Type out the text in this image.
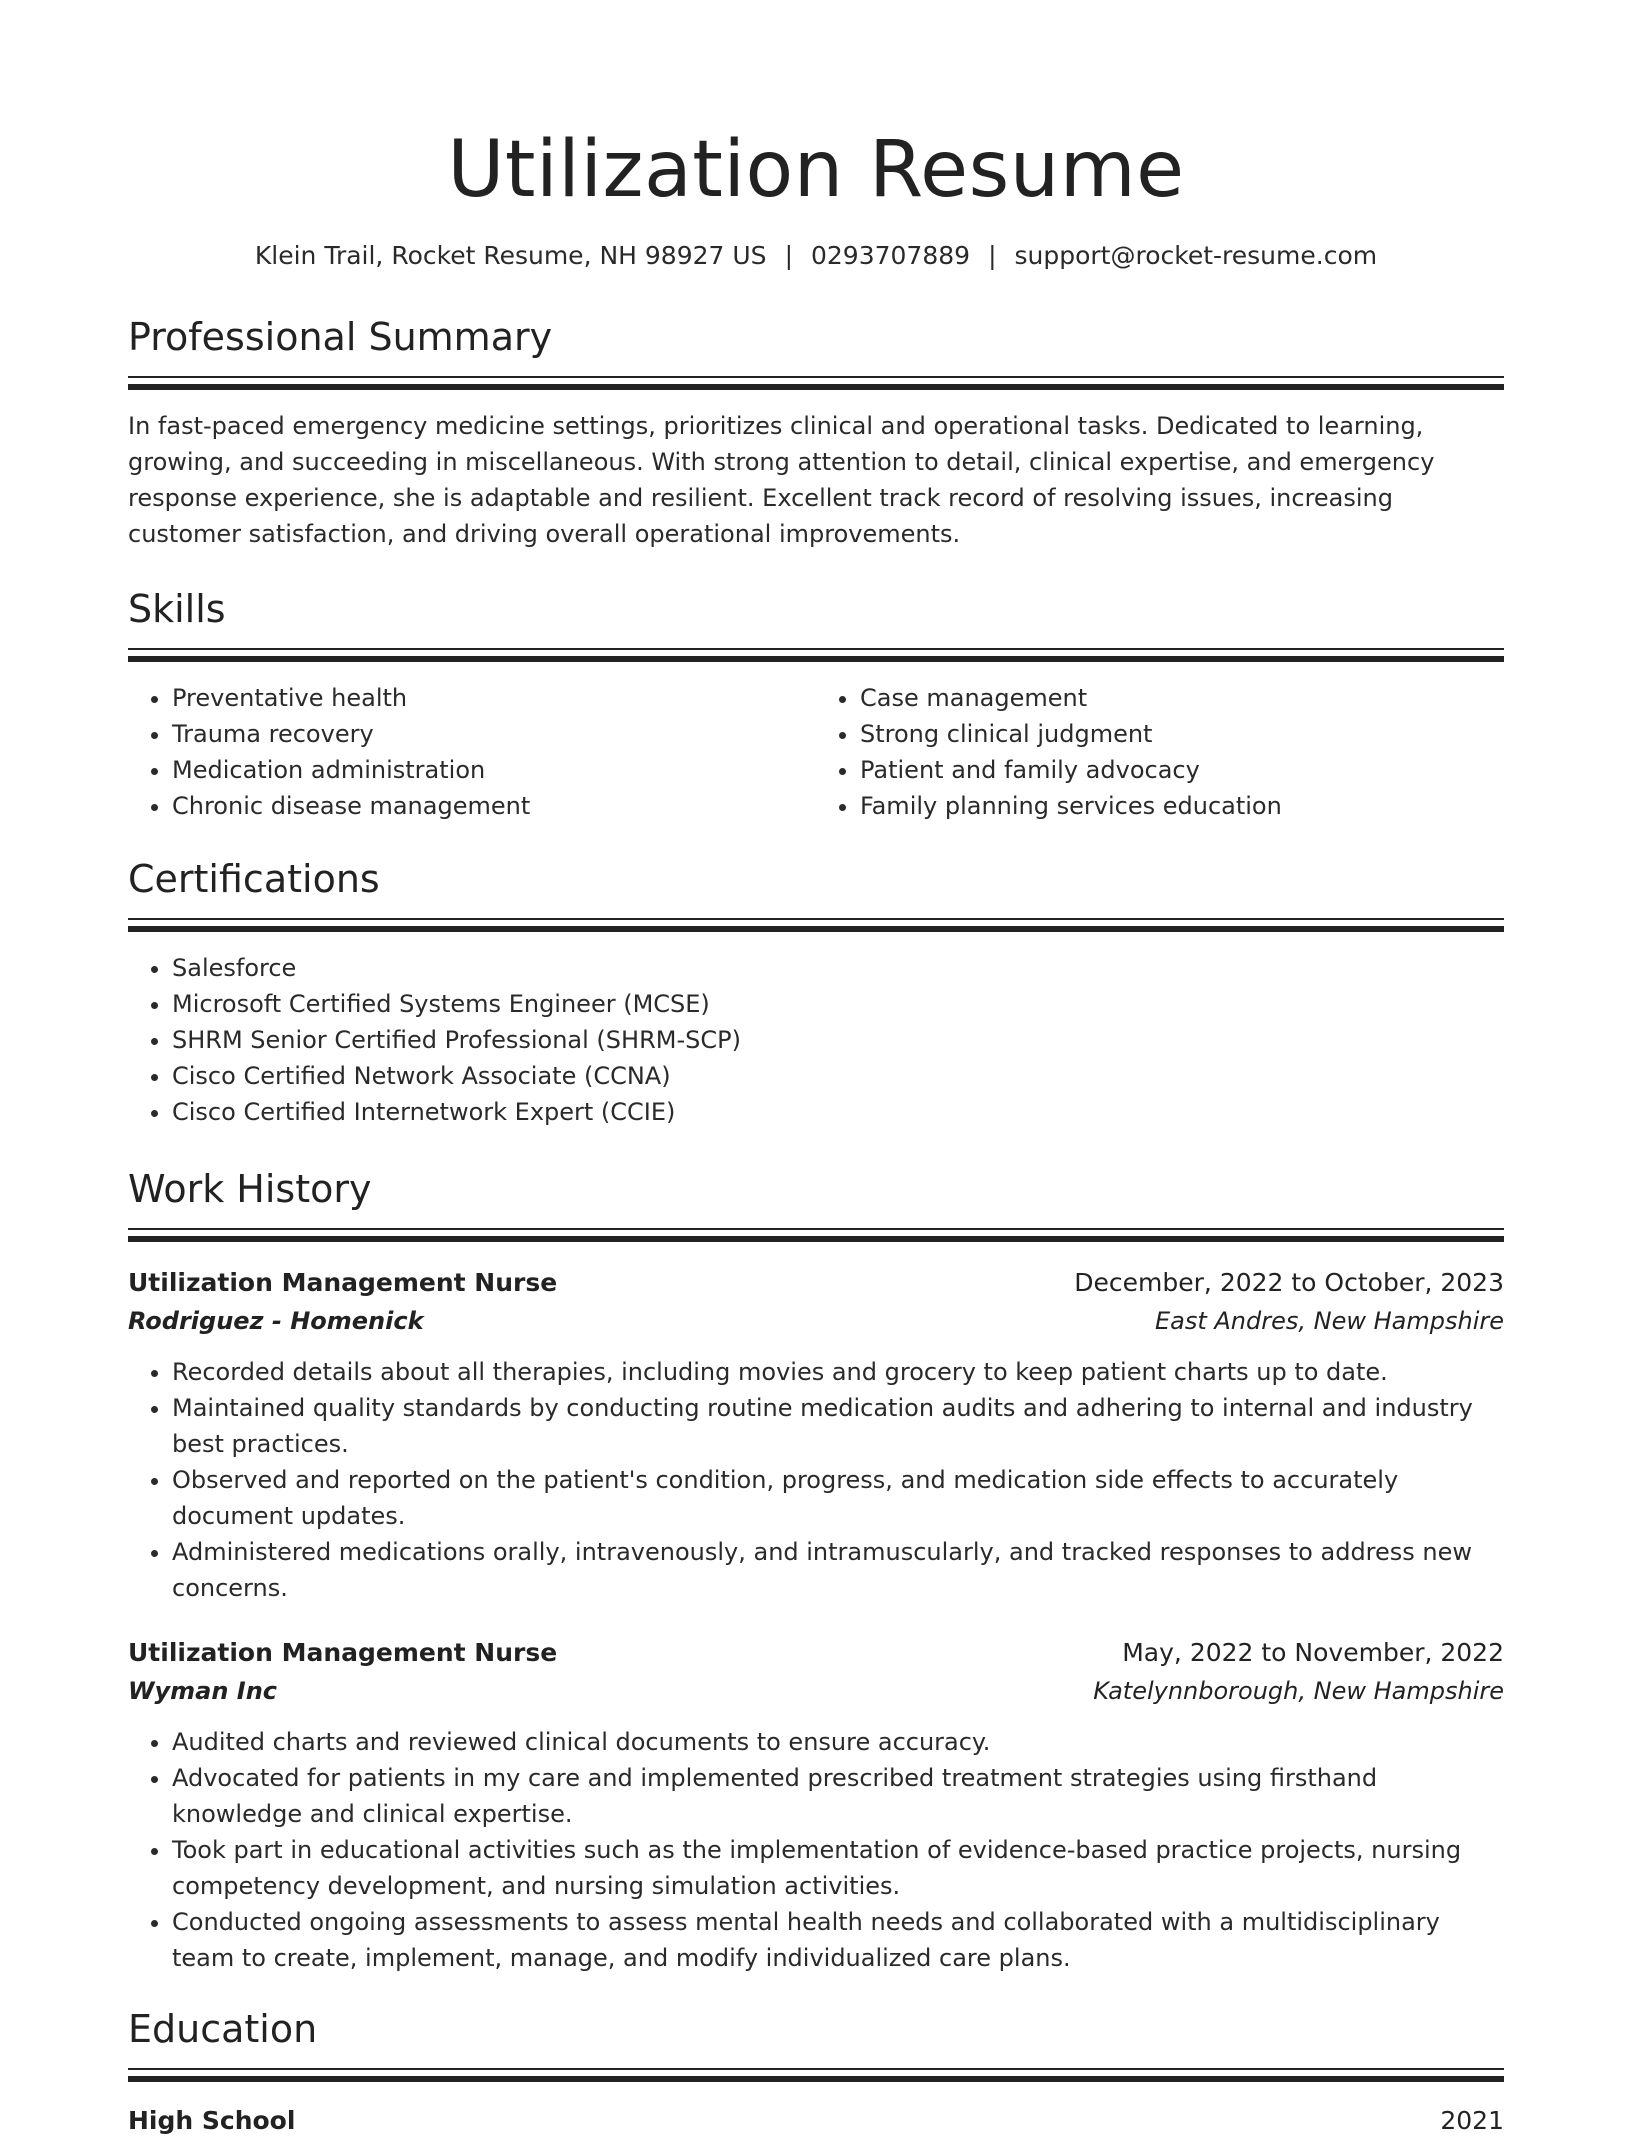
Utilization Resume
Klein Trail, Rocket Resume, NH 98927 US | 0293707889 | support@rocket-resume.com
Professional Summary

In fast-paced emergency medicine settings, prioritizes clinical and operational tasks. Dedicated to learning, growing, and succeeding in miscellaneous. With strong attention to detail, clinical expertise, and emergency response experience, she is adaptable and resilient. Excellent track record of resolving issues, increasing customer satisfaction, and driving overall operational improvements.

Skills
• Preventative health
• Trauma recovery
• Medication administration
• Chronic disease management
• Case management
• Strong clinical judgment
• Patient and family advocacy
• Family planning services education
Certifications
• Salesforce
• Microsoft Certified Systems Engineer (MCSE)
• SHRM Senior Certified Professional (SHRM-SCP)
• Cisco Certified Network Associate (CCNA)
• Cisco Certified Internetwork Expert (CCIE)
Work History
Utilization Management Nurse	December, 2022 to October, 2023
Rodriguez - Homenick	East Andres, New Hampshire
• Recorded details about all therapies, including movies and grocery to keep patient charts up to date.
• Maintained quality standards by conducting routine medication audits and adhering to internal and industry best practices.
• Observed and reported on the patient's condition, progress, and medication side effects to accurately document updates.
• Administered medications orally, intravenously, and intramuscularly, and tracked responses to address new concerns.
Utilization Management Nurse	May, 2022 to November, 2022
Wyman Inc	Katelynnborough, New Hampshire
• Audited charts and reviewed clinical documents to ensure accuracy.
• Advocated for patients in my care and implemented prescribed treatment strategies using firsthand knowledge and clinical expertise.
• Took part in educational activities such as the implementation of evidence-based practice projects, nursing competency development, and nursing simulation activities.
• Conducted ongoing assessments to assess mental health needs and collaborated with a multidisciplinary team to create, implement, manage, and modify individualized care plans.
Education
High School	2021
